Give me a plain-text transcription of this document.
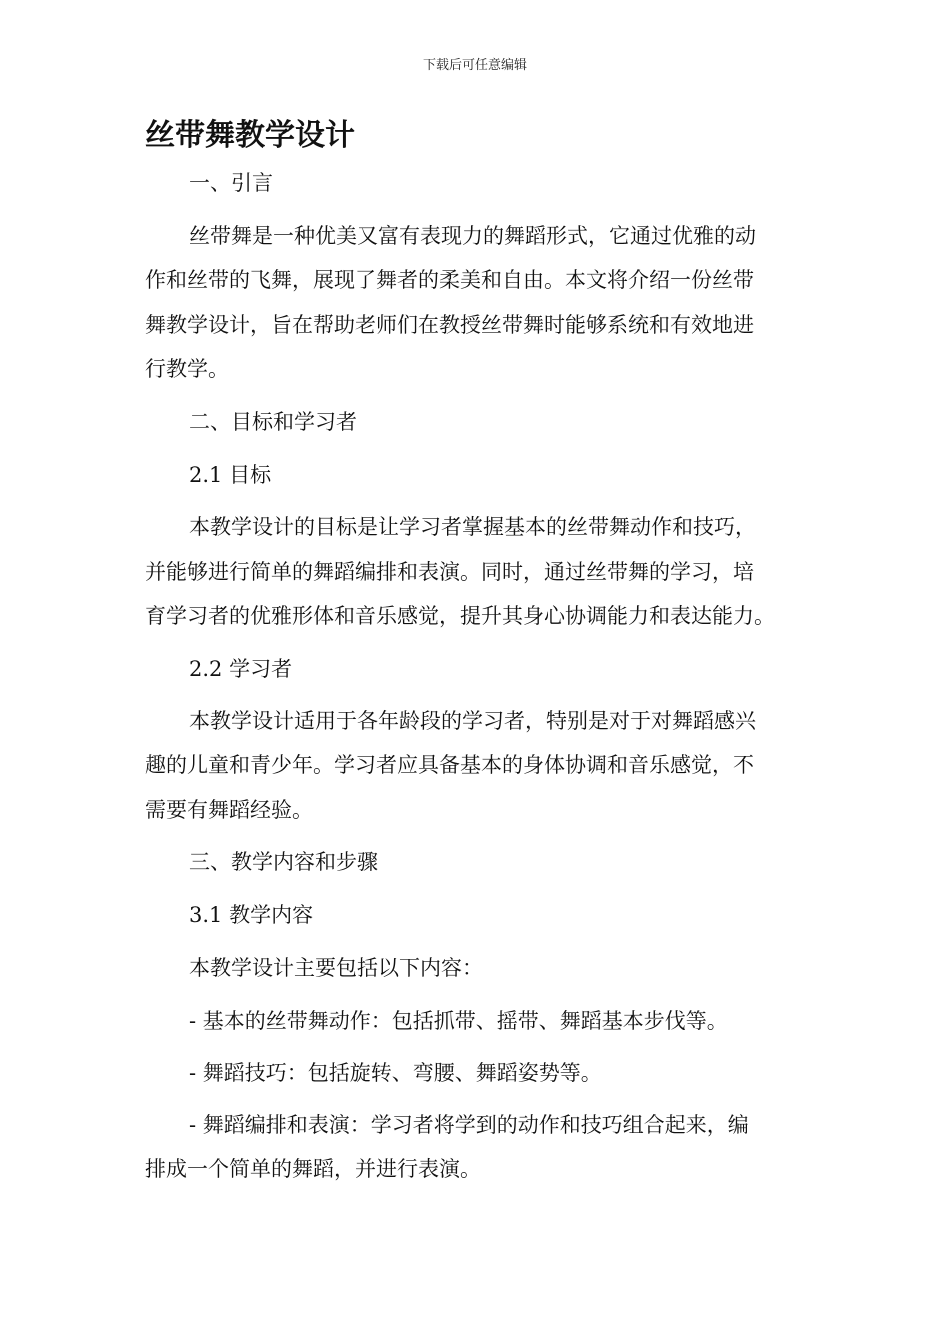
下载后可任意编辑
丝带舞教学设计
一、引言
丝带舞是一种优美又富有表现力的舞蹈形式，它通过优雅的动
作和丝带的飞舞，展现了舞者的柔美和自由。本文将介绍一份丝带
舞教学设计，旨在帮助老师们在教授丝带舞时能够系统和有效地进
行教学。
二、目标和学习者
2.1 目标
本教学设计的目标是让学习者掌握基本的丝带舞动作和技巧，
并能够进行简单的舞蹈编排和表演。同时，通过丝带舞的学习，培
育学习者的优雅形体和音乐感觉，提升其身心协调能力和表达能力。
2.2 学习者
本教学设计适用于各年龄段的学习者，特别是对于对舞蹈感兴
趣的儿童和青少年。学习者应具备基本的身体协调和音乐感觉，不
需要有舞蹈经验。
三、教学内容和步骤
3.1 教学内容
本教学设计主要包括以下内容：
- 基本的丝带舞动作：包括抓带、摇带、舞蹈基本步伐等。
- 舞蹈技巧：包括旋转、弯腰、舞蹈姿势等。
- 舞蹈编排和表演：学习者将学到的动作和技巧组合起来，编
排成一个简单的舞蹈，并进行表演。
